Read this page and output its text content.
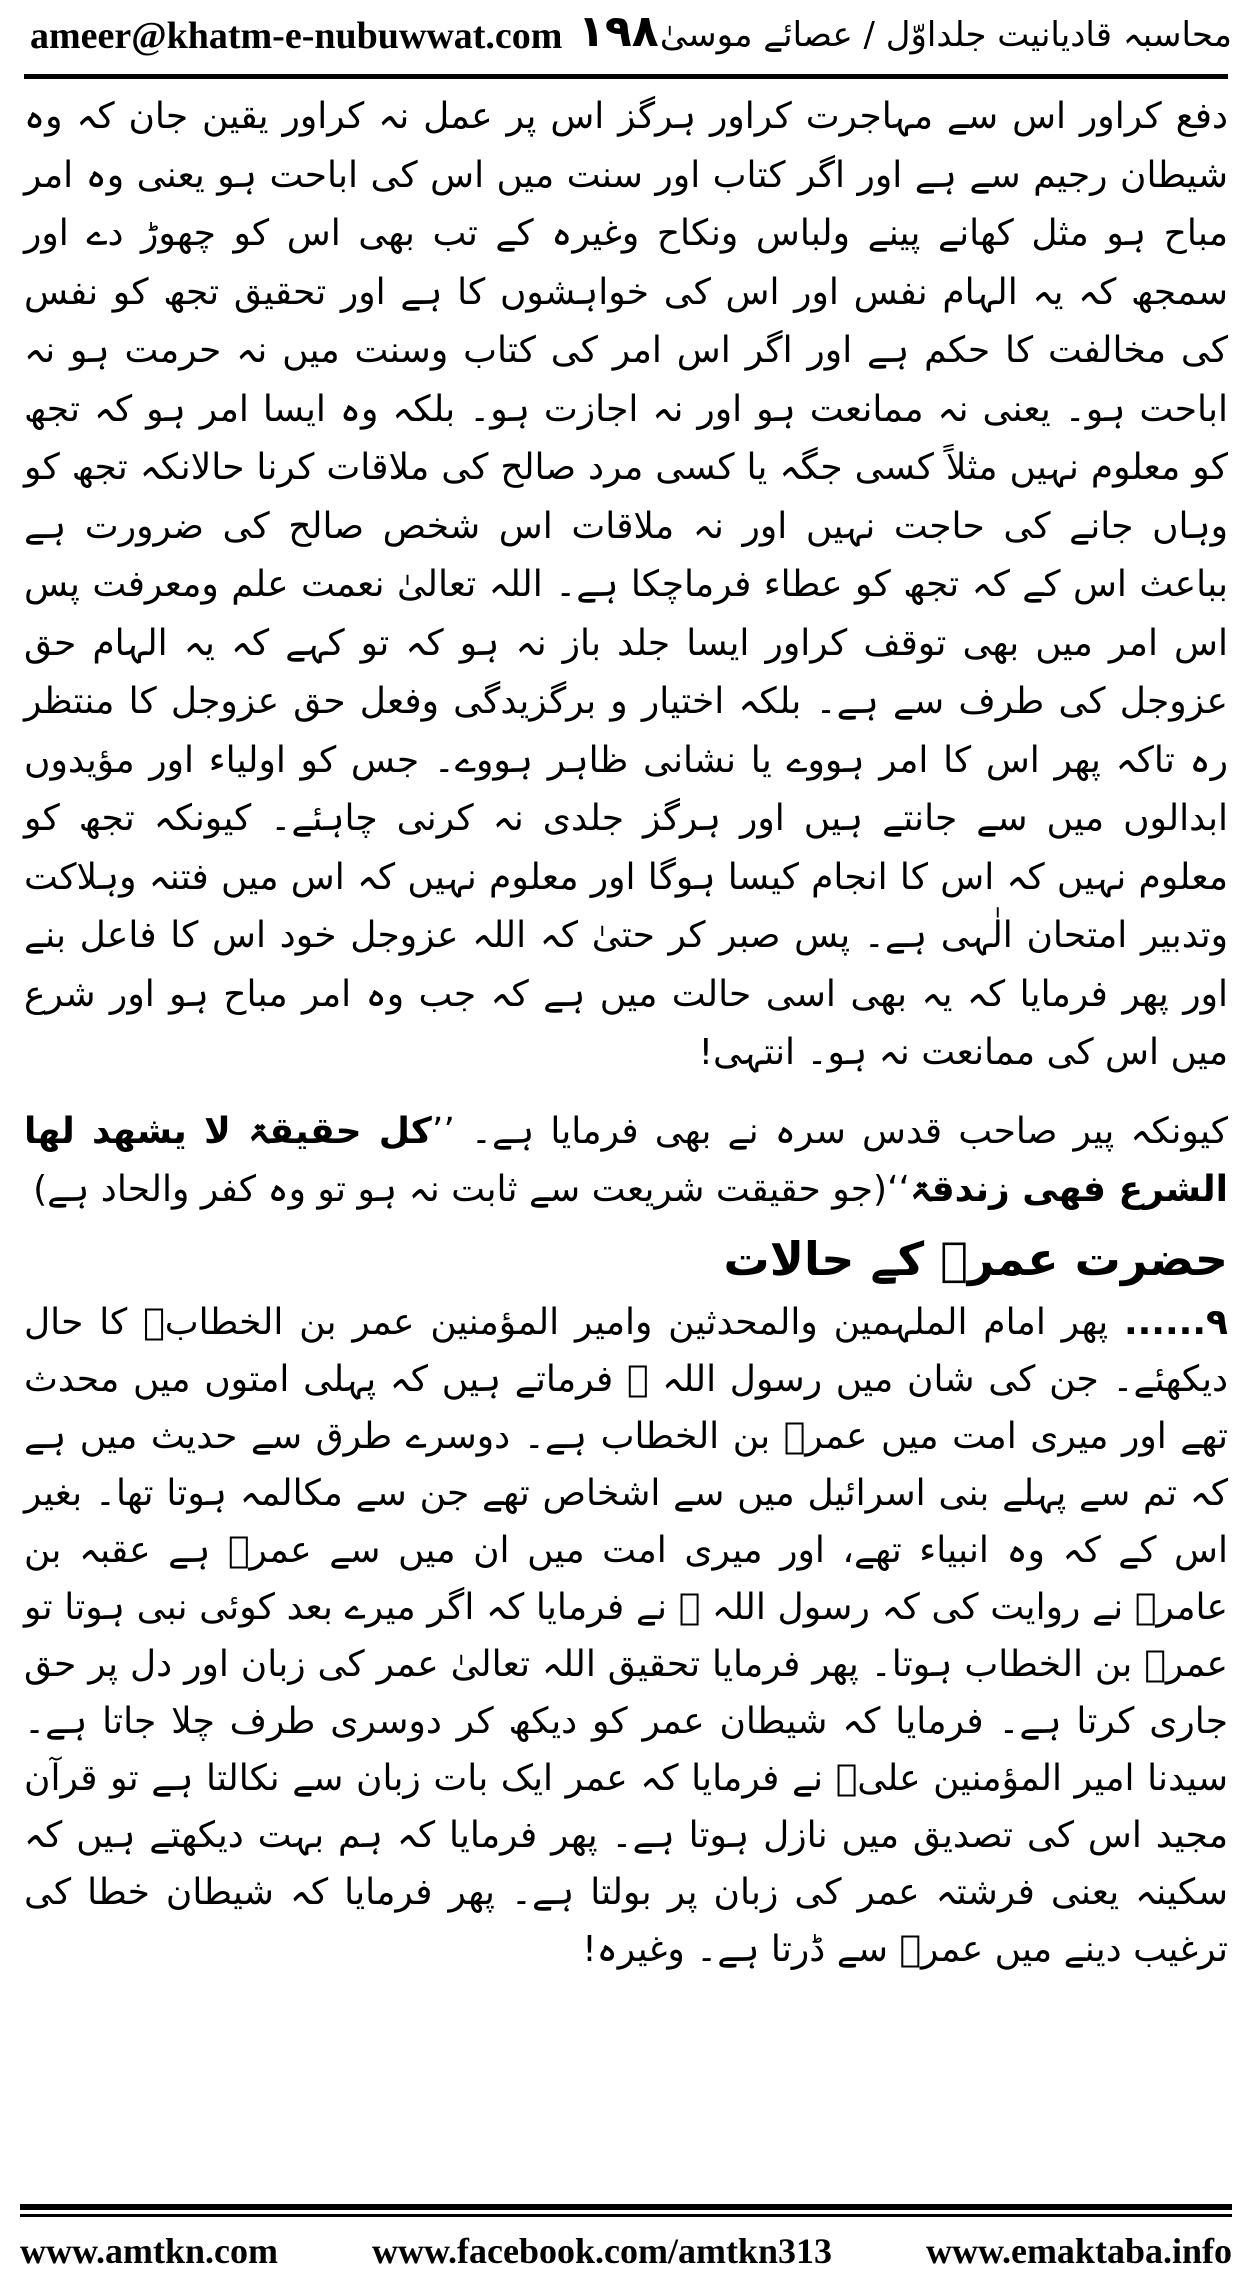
ameer@khatm-e-nubuwwat.com ۱۹۸ محاسبہ قادیانیت جلداوّل / عصائے موسیٰ

دفع کراور اس سے مہاجرت کراور ہرگز اس پر عمل نہ کراور یقین جان کہ وہ شیطان رجیم سے ہے اور اگر کتاب اور سنت میں اس کی اباحت ہو یعنی وہ امر مباح ہو مثل کھانے پینے ولباس ونکاح وغیرہ کے تب بھی اس کو چھوڑ دے اور سمجھ کہ یہ الہام نفس اور اس کی خواہشوں کا ہے اور تحقیق تجھ کو نفس کی مخالفت کا حکم ہے اور اگر اس امر کی کتاب وسنت میں نہ حرمت ہو نہ اباحت ہو۔ یعنی نہ ممانعت ہو اور نہ اجازت ہو۔ بلکہ وہ ایسا امر ہو کہ تجھ کو معلوم نہیں مثلاً کسی جگہ یا کسی مرد صالح کی ملاقات کرنا حالانکہ تجھ کو وہاں جانے کی حاجت نہیں اور نہ ملاقات اس شخص صالح کی ضرورت ہے بباعث اس کے کہ تجھ کو عطاء فرماچکا ہے۔ اللہ تعالیٰ نعمت علم ومعرفت پس اس امر میں بھی توقف کراور ایسا جلد باز نہ ہو کہ تو کہے کہ یہ الہام حق عزوجل کی طرف سے ہے۔ بلکہ اختیار و برگزیدگی وفعل حق عزوجل کا منتظر رہ تاکہ پھر اس کا امر ہووے یا نشانی ظاہر ہووے۔ جس کو اولیاء اور مؤیدوں ابدالوں میں سے جانتے ہیں اور ہرگز جلدی نہ کرنی چاہئے۔ کیونکہ تجھ کو معلوم نہیں کہ اس کا انجام کیسا ہوگا اور معلوم نہیں کہ اس میں فتنہ وہلاکت وتدبیر امتحان الٰہی ہے۔ پس صبر کر حتیٰ کہ اللہ عزوجل خود اس کا فاعل بنے اور پھر فرمایا کہ یہ بھی اسی حالت میں ہے کہ جب وہ امر مباح ہو اور شرع میں اس کی ممانعت نہ ہو۔ انتہی!

کیونکہ پیر صاحب قدس سرہ نے بھی فرمایا ہے۔ ’’کل حقیقۃ لا یشھد لھا الشرع فھی زندقۃ‘‘(جو حقیقت شریعت سے ثابت نہ ہو تو وہ کفر والحاد ہے)

حضرت عمرؓ کے حالات

۹...... پھر امام الملہمین والمحدثین وامیر المؤمنین عمر بن الخطابؓ کا حال دیکھئے۔ جن کی شان میں رسول اللہ ﷺ فرماتے ہیں کہ پہلی امتوں میں محدث تھے اور میری امت میں عمرؓ بن الخطاب ہے۔ دوسرے طرق سے حدیث میں ہے کہ تم سے پہلے بنی اسرائیل میں سے اشخاص تھے جن سے مکالمہ ہوتا تھا۔ بغیر اس کے کہ وہ انبیاء تھے، اور میری امت میں ان میں سے عمرؓ ہے عقبہ بن عامرؓ نے روایت کی کہ رسول اللہ ﷺ نے فرمایا کہ اگر میرے بعد کوئی نبی ہوتا تو عمرؓ بن الخطاب ہوتا۔ پھر فرمایا تحقیق اللہ تعالیٰ عمر کی زبان اور دل پر حق جاری کرتا ہے۔ فرمایا کہ شیطان عمر کو دیکھ کر دوسری طرف چلا جاتا ہے۔ سیدنا امیر المؤمنین علیؓ نے فرمایا کہ عمر ایک بات زبان سے نکالتا ہے تو قرآن مجید اس کی تصدیق میں نازل ہوتا ہے۔ پھر فرمایا کہ ہم بہت دیکھتے ہیں کہ سکینہ یعنی فرشتہ عمر کی زبان پر بولتا ہے۔ پھر فرمایا کہ شیطان خطا کی ترغیب دینے میں عمرؓ سے ڈرتا ہے۔ وغیرہ!

www.amtkn.com	www.facebook.com/amtkn313	www.emaktaba.info
